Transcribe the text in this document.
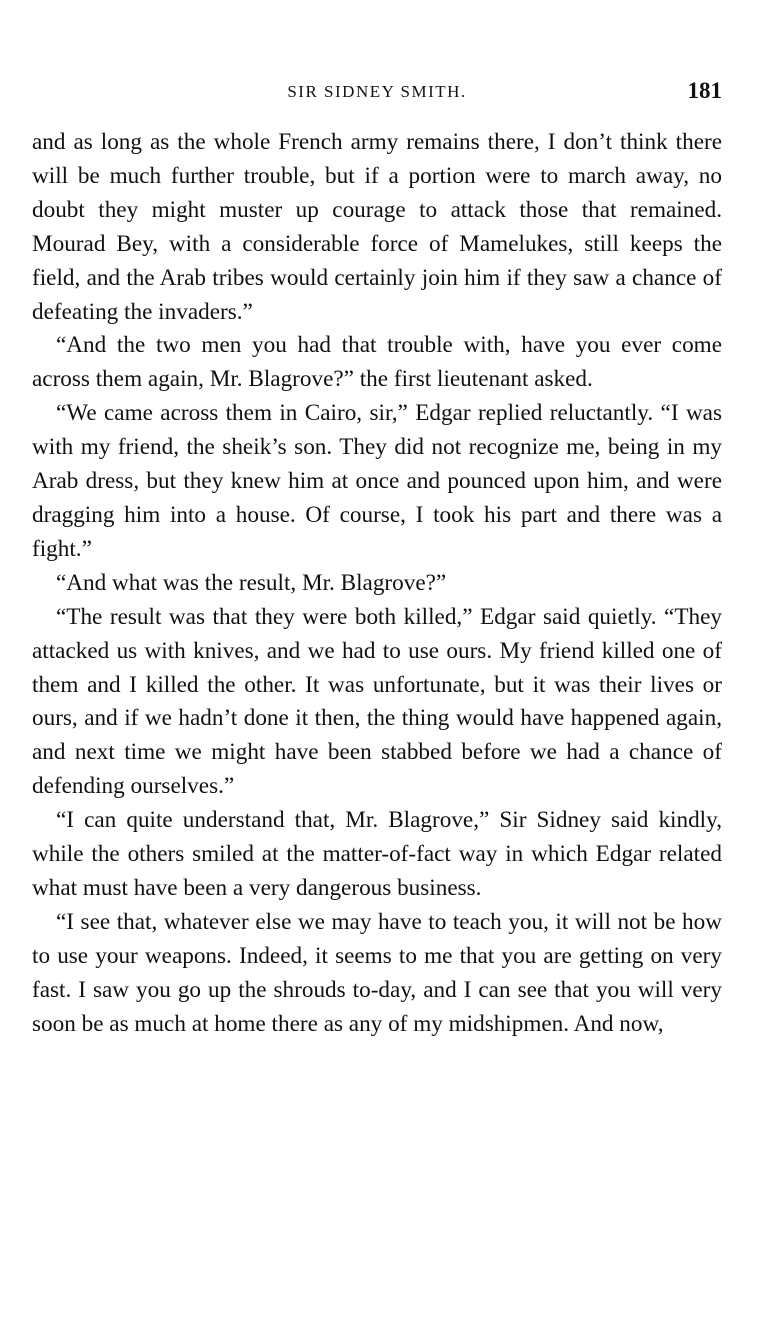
SIR SIDNEY SMITH.	181

and as long as the whole French army remains there, I don’t think there will be much further trouble, but if a portion were to march away, no doubt they might muster up courage to attack those that remained. Mourad Bey, with a considerable force of Mamelukes, still keeps the field, and the Arab tribes would certainly join him if they saw a chance of defeating the invaders.”

“And the two men you had that trouble with, have you ever come across them again, Mr. Blagrove?” the first lieutenant asked.

“We came across them in Cairo, sir,” Edgar replied reluctantly. “I was with my friend, the sheik’s son. They did not recognize me, being in my Arab dress, but they knew him at once and pounced upon him, and were dragging him into a house. Of course, I took his part and there was a fight.”

“And what was the result, Mr. Blagrove?”

“The result was that they were both killed,” Edgar said quietly. “They attacked us with knives, and we had to use ours. My friend killed one of them and I killed the other. It was unfortunate, but it was their lives or ours, and if we hadn’t done it then, the thing would have happened again, and next time we might have been stabbed before we had a chance of defending ourselves.”

“I can quite understand that, Mr. Blagrove,” Sir Sidney said kindly, while the others smiled at the matter-of-fact way in which Edgar related what must have been a very dangerous business.

“I see that, whatever else we may have to teach you, it will not be how to use your weapons. Indeed, it seems to me that you are getting on very fast. I saw you go up the shrouds to-day, and I can see that you will very soon be as much at home there as any of my midshipmen. And now,
